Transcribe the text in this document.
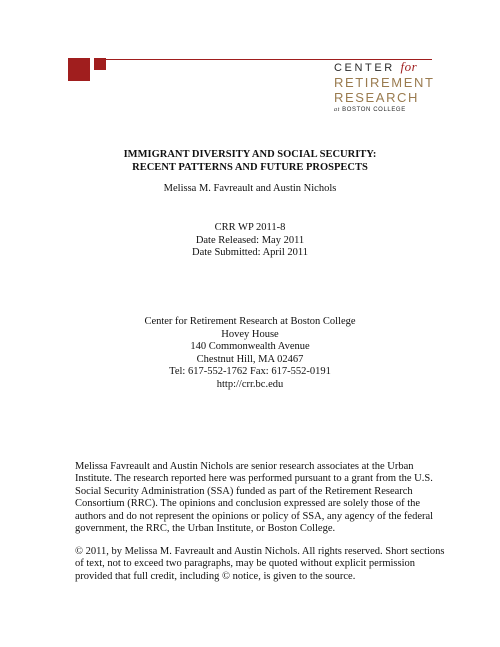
CENTER for
RETIREMENT
RESEARCH
at BOSTON COLLEGE
IMMIGRANT DIVERSITY AND SOCIAL SECURITY:
RECENT PATTERNS AND FUTURE PROSPECTS
Melissa M. Favreault and Austin Nichols
CRR WP 2011-8
Date Released: May 2011
Date Submitted: April 2011
Center for Retirement Research at Boston College
Hovey House
140 Commonwealth Avenue
Chestnut Hill, MA 02467
Tel: 617-552-1762 Fax: 617-552-0191
http://crr.bc.edu
Melissa Favreault and Austin Nichols are senior research associates at the Urban
Institute. The research reported here was performed pursuant to a grant from the U.S.
Social Security Administration (SSA) funded as part of the Retirement Research
Consortium (RRC). The opinions and conclusion expressed are solely those of the
authors and do not represent the opinions or policy of SSA, any agency of the federal
government, the RRC, the Urban Institute, or Boston College.
© 2011, by Melissa M. Favreault and Austin Nichols. All rights reserved. Short sections
of text, not to exceed two paragraphs, may be quoted without explicit permission
provided that full credit, including © notice, is given to the source.
